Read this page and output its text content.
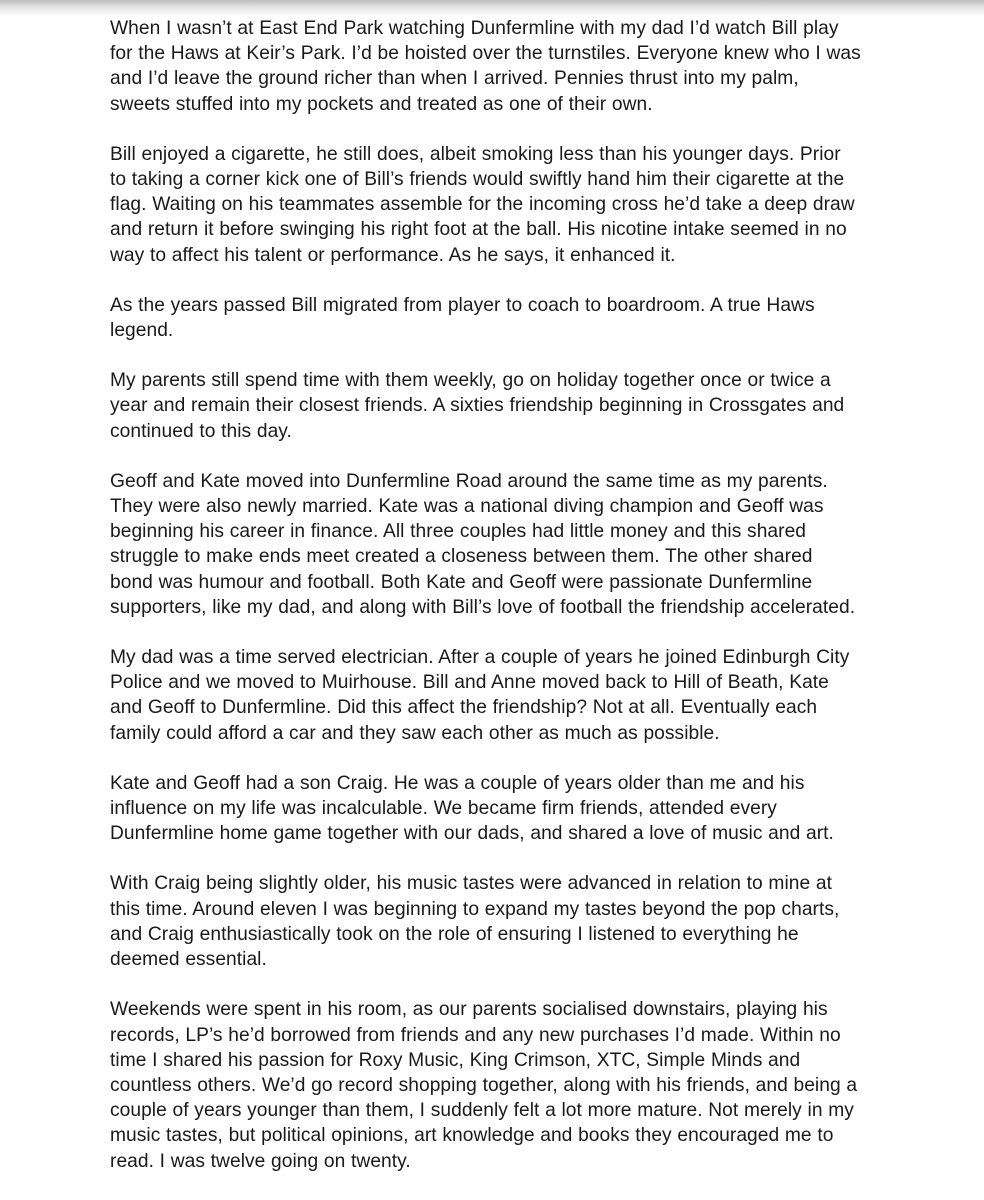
When I wasn’t at East End Park watching Dunfermline with my dad I’d watch Bill play
for the Haws at Keir’s Park. I’d be hoisted over the turnstiles. Everyone knew who I was
and I’d leave the ground richer than when I arrived. Pennies thrust into my palm,
sweets stuffed into my pockets and treated as one of their own.

Bill enjoyed a cigarette, he still does, albeit smoking less than his younger days. Prior
to taking a corner kick one of Bill’s friends would swiftly hand him their cigarette at the
flag. Waiting on his teammates assemble for the incoming cross he’d take a deep draw
and return it before swinging his right foot at the ball. His nicotine intake seemed in no
way to affect his talent or performance. As he says, it enhanced it.

As the years passed Bill migrated from player to coach to boardroom. A true Haws
legend.

My parents still spend time with them weekly, go on holiday together once or twice a
year and remain their closest friends. A sixties friendship beginning in Crossgates and
continued to this day.

Geoff and Kate moved into Dunfermline Road around the same time as my parents.
They were also newly married. Kate was a national diving champion and Geoff was
beginning his career in finance. All three couples had little money and this shared
struggle to make ends meet created a closeness between them. The other shared
bond was humour and football. Both Kate and Geoff were passionate Dunfermline
supporters, like my dad, and along with Bill’s love of football the friendship accelerated.

My dad was a time served electrician. After a couple of years he joined Edinburgh City
Police and we moved to Muirhouse. Bill and Anne moved back to Hill of Beath, Kate
and Geoff to Dunfermline. Did this affect the friendship? Not at all. Eventually each
family could afford a car and they saw each other as much as possible.

Kate and Geoff had a son Craig. He was a couple of years older than me and his
influence on my life was incalculable. We became firm friends, attended every
Dunfermline home game together with our dads, and shared a love of music and art.

With Craig being slightly older, his music tastes were advanced in relation to mine at
this time. Around eleven I was beginning to expand my tastes beyond the pop charts,
and Craig enthusiastically took on the role of ensuring I listened to everything he
deemed essential.

Weekends were spent in his room, as our parents socialised downstairs, playing his
records, LP’s he’d borrowed from friends and any new purchases I’d made. Within no
time I shared his passion for Roxy Music, King Crimson, XTC, Simple Minds and
countless others. We’d go record shopping together, along with his friends, and being a
couple of years younger than them, I suddenly felt a lot more mature. Not merely in my
music tastes, but political opinions, art knowledge and books they encouraged me to
read. I was twelve going on twenty.
